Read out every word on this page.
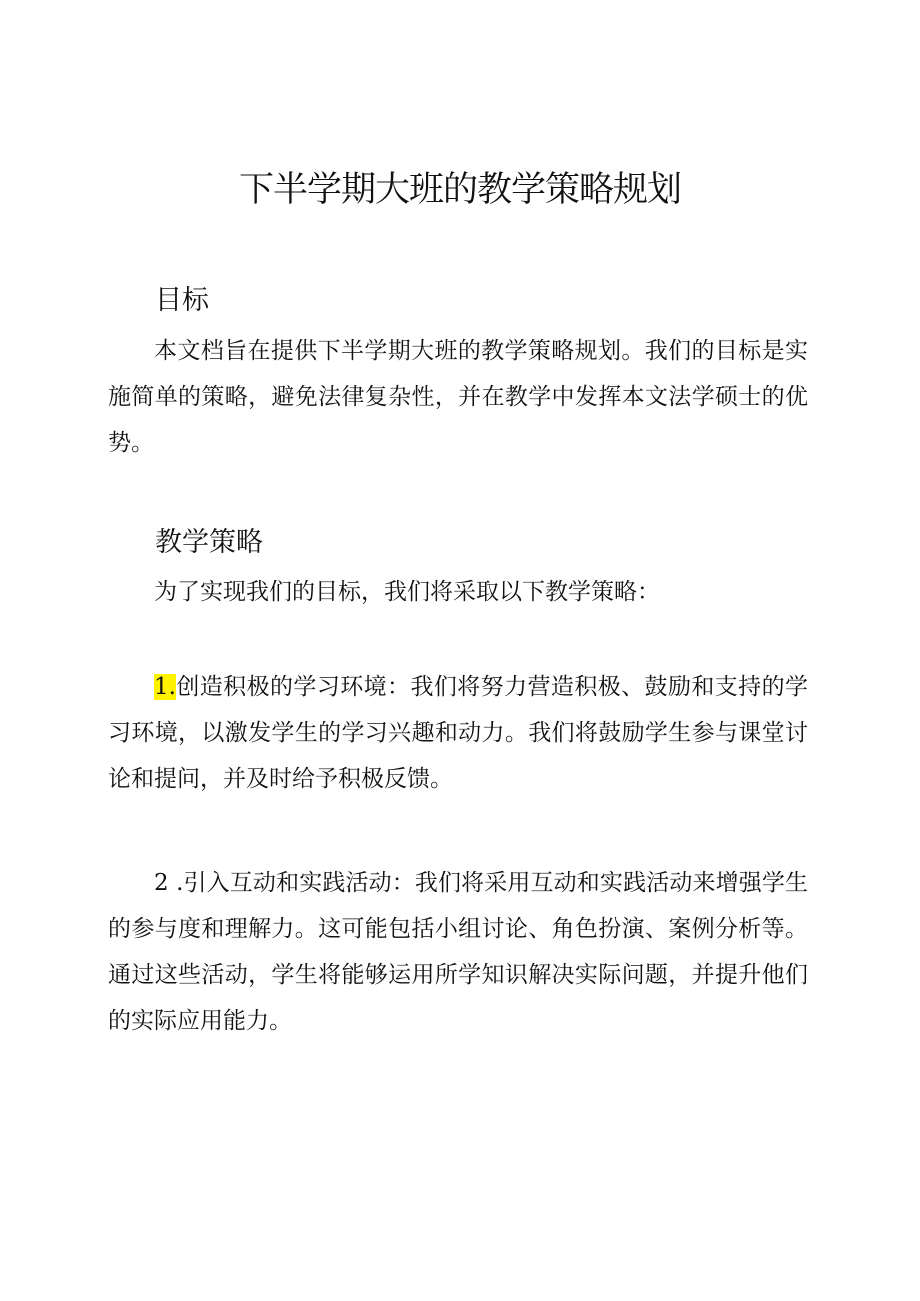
下半学期大班的教学策略规划
目标

本文档旨在提供下半学期大班的教学策略规划。我们的目标是实施简单的策略，避免法律复杂性，并在教学中发挥本文法学硕士的优势。

教学策略

为了实现我们的目标，我们将采取以下教学策略：

1.创造积极的学习环境：我们将努力营造积极、鼓励和支持的学习环境，以激发学生的学习兴趣和动力。我们将鼓励学生参与课堂讨论和提问，并及时给予积极反馈。

2 .引入互动和实践活动：我们将采用互动和实践活动来增强学生的参与度和理解力。这可能包括小组讨论、角色扮演、案例分析等。通过这些活动，学生将能够运用所学知识解决实际问题，并提升他们的实际应用能力。
